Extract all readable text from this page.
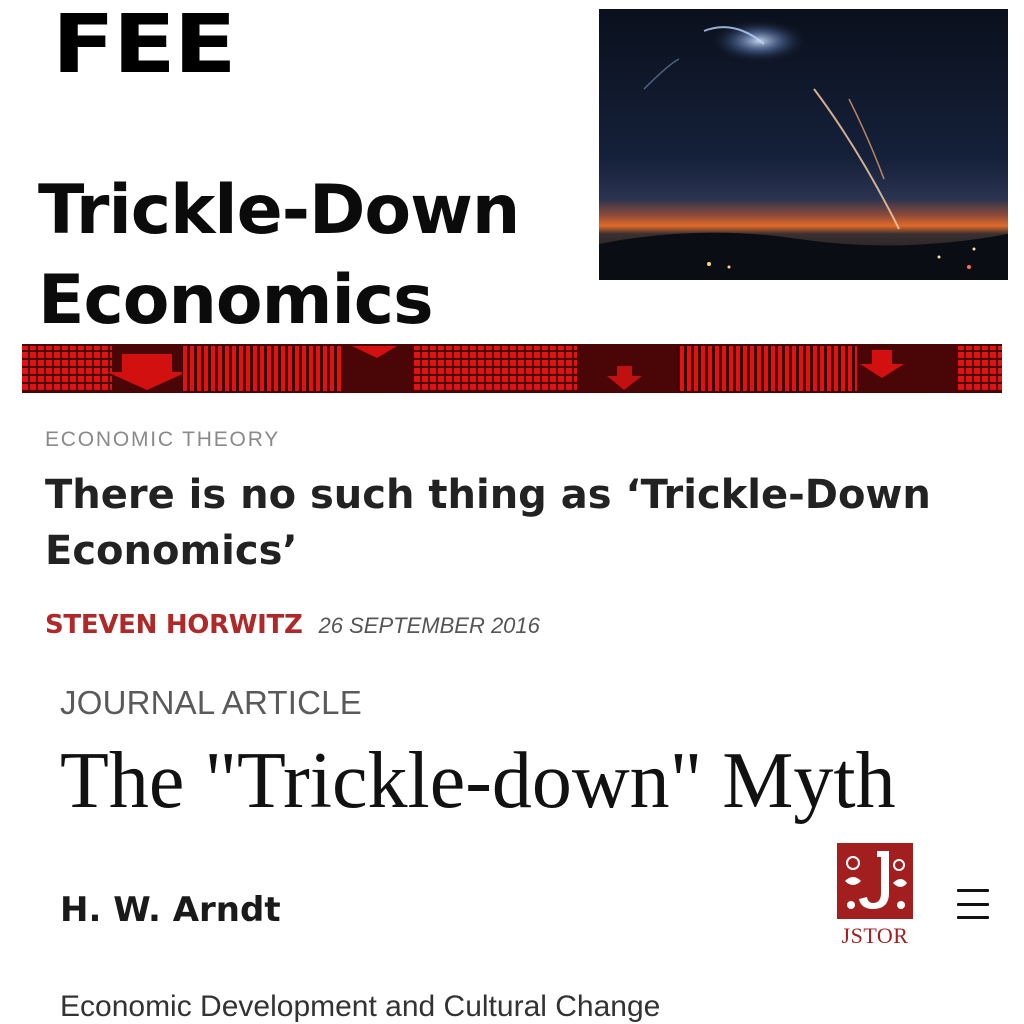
FEE
Trickle-Down
Economics
ECONOMIC THEORY
There is no such thing as ‘Trickle-Down Economics’
STEVEN HORWITZ 26 SEPTEMBER 2016
JOURNAL ARTICLE
The "Trickle-down" Myth
H. W. Arndt
JSTOR
Economic Development and Cultural Change
